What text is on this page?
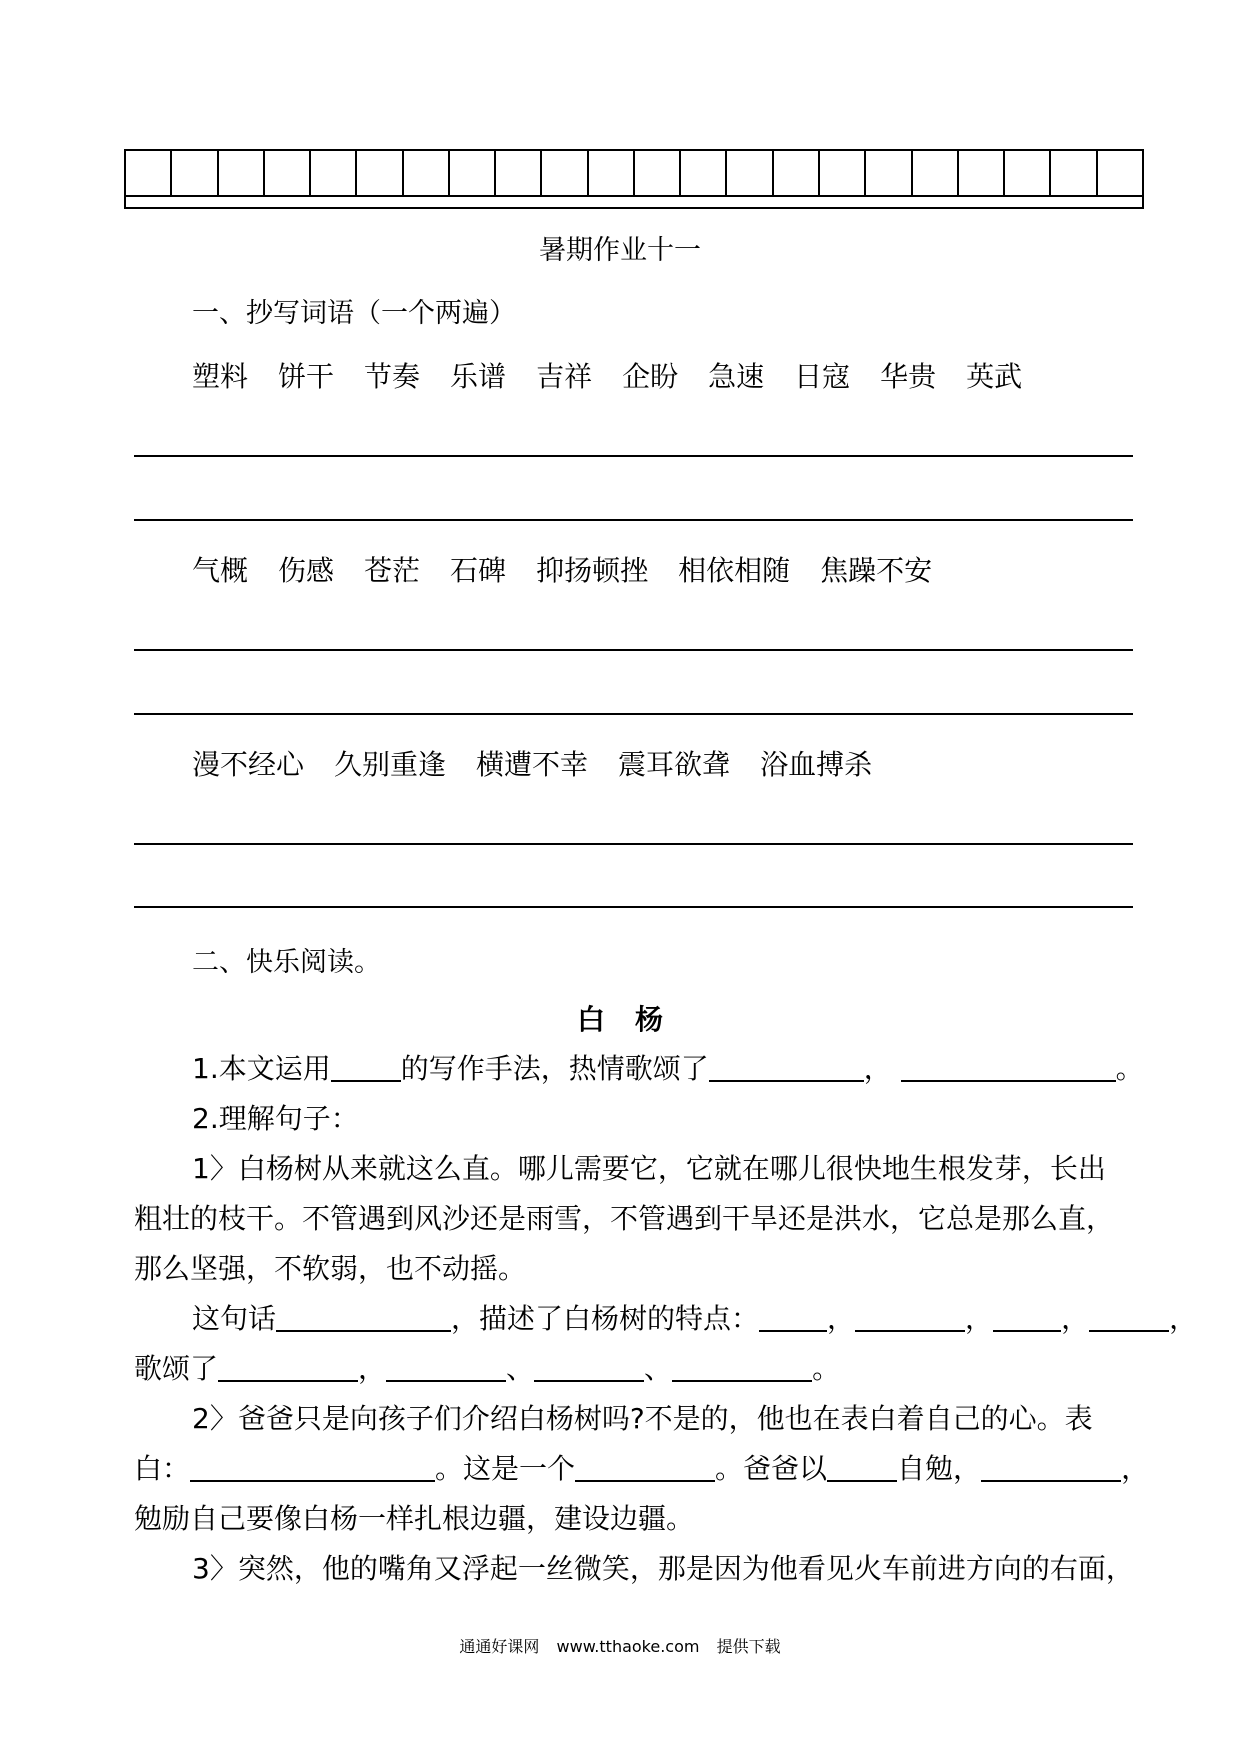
暑期作业十一
一、抄写词语（一个两遍）
塑料 饼干 节奏 乐谱 吉祥 企盼 急速 日寇 华贵 英武
气概 伤感 苍茫 石碑 抑扬顿挫 相依相随 焦躁不安
漫不经心 久别重逢 横遭不幸 震耳欲聋 浴血搏杀
二、快乐阅读。
白杨
1.本文运用	的写作手法，热情歌颂了	，	。
2.理解句子：
1〉白杨树从来就这么直。哪儿需要它，它就在哪儿很快地生根发芽，长出
粗壮的枝干。不管遇到风沙还是雨雪，不管遇到干旱还是洪水，它总是那么直，
那么坚强，不软弱，也不动摇。
这句话	，描述了白杨树的特点： ，	， ，	，
歌颂了	，	、	、	。
2〉爸爸只是向孩子们介绍白杨树吗?不是的，他也在表白着自己的心。表
白：	。这是一个	。爸爸以	自勉，	，
勉励自己要像白杨一样扎根边疆，建设边疆。
3〉突然，他的嘴角又浮起一丝微笑，那是因为他看见火车前进方向的右面，
通通好课网 www.tthaoke.com 提供下载
